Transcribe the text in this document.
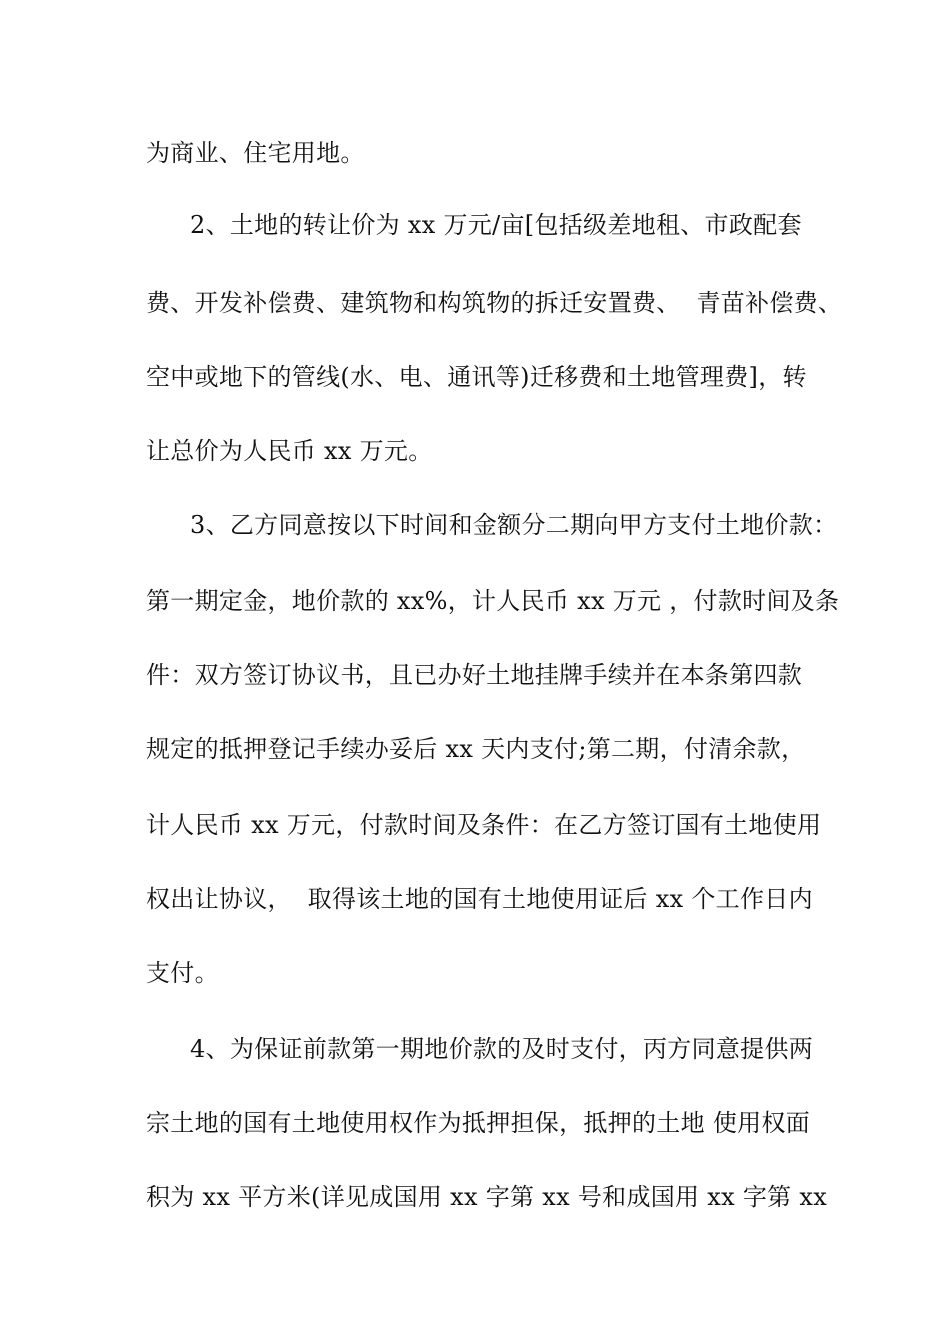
为商业、住宅用地。

2、土地的转让价为 xx 万元/亩[包括级差地租、市政配套

费、开发补偿费、建筑物和构筑物的拆迁安置费、  青苗补偿费、

空中或地下的管线(水、电、通讯等)迁移费和土地管理费]，转

让总价为人民币 xx 万元。

3、乙方同意按以下时间和金额分二期向甲方支付土地价款：

第一期定金，地价款的 xx%，计人民币 xx 万元 ，付款时间及条

件：双方签订协议书，且已办好土地挂牌手续并在本条第四款

规定的抵押登记手续办妥后 xx 天内支付;第二期，付清余款，

计人民币 xx 万元，付款时间及条件：在乙方签订国有土地使用

权出让协议，  取得该土地的国有土地使用证后 xx 个工作日内

支付。

4、为保证前款第一期地价款的及时支付，丙方同意提供两

宗土地的国有土地使用权作为抵押担保，抵押的土地 使用权面

积为 xx 平方米(详见成国用 xx 字第 xx 号和成国用 xx 字第 xx
